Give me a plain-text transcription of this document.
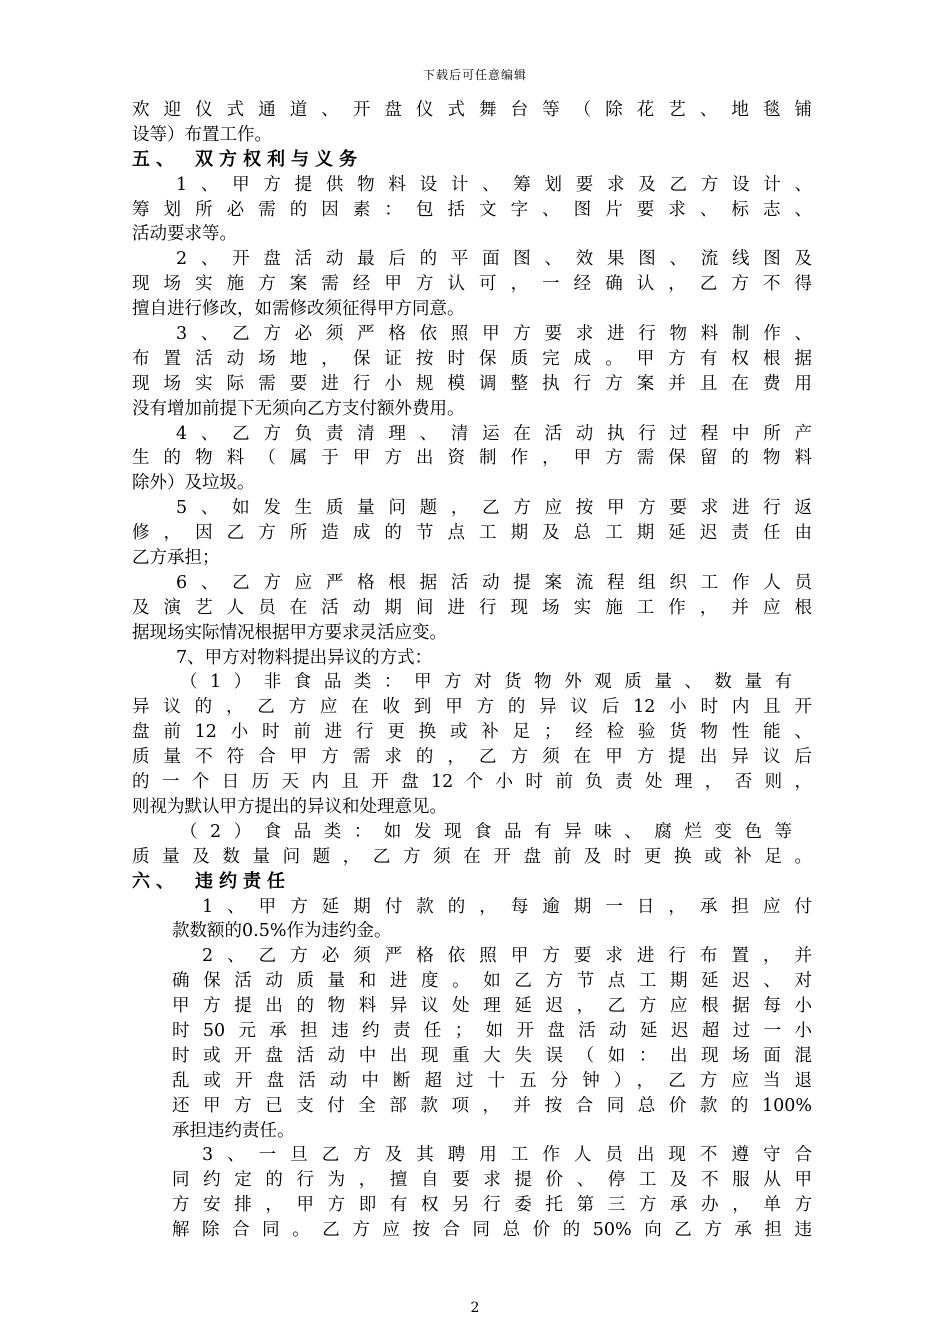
下载后可任意编辑
欢迎仪式通道、开盘仪式舞台等（除花艺、地毯铺
设等）布置工作。
五、　双方权利与义务
1、甲方提供物料设计、筹划要求及乙方设计、
筹划所必需的因素：包括文字、图片要求、标志、
活动要求等。
2、开盘活动最后的平面图、效果图、流线图及
现场实施方案需经甲方认可，一经确认，乙方不得
擅自进行修改，如需修改须征得甲方同意。
3、乙方必须严格依照甲方要求进行物料制作、
布置活动场地，保证按时保质完成。甲方有权根据
现场实际需要进行小规模调整执行方案并且在费用
没有增加前提下无须向乙方支付额外费用。
4、乙方负责清理、清运在活动执行过程中所产
生的物料（属于甲方出资制作，甲方需保留的物料
除外）及垃圾。
5、如发生质量问题，乙方应按甲方要求进行返
修，因乙方所造成的节点工期及总工期延迟责任由
乙方承担；
6、乙方应严格根据活动提案流程组织工作人员
及演艺人员在活动期间进行现场实施工作，并应根
据现场实际情况根据甲方要求灵活应变。
7、甲方对物料提出异议的方式：
（1）非食品类：甲方对货物外观质量、数量有
异议的，乙方应在收到甲方的异议后12小时内且开
盘前12小时前进行更换或补足；经检验货物性能、
质量不符合甲方需求的，乙方须在甲方提出异议后
的一个日历天内且开盘12个小时前负责处理，否则，
则视为默认甲方提出的异议和处理意见。
（2）食品类：如发现食品有异味、腐烂变色等
质量及数量问题，乙方须在开盘前及时更换或补足。
六、　违约责任
1、甲方延期付款的，每逾期一日，承担应付
款数额的0.5%作为违约金。
2、乙方必须严格依照甲方要求进行布置，并
确保活动质量和进度。如乙方节点工期延迟、对
甲方提出的物料异议处理延迟，乙方应根据每小
时50元承担违约责任；如开盘活动延迟超过一小
时或开盘活动中出现重大失误（如：出现场面混
乱或开盘活动中断超过十五分钟），乙方应当退
还甲方已支付全部款项，并按合同总价款的100%
承担违约责任。
3、一旦乙方及其聘用工作人员出现不遵守合
同约定的行为，擅自要求提价、停工及不服从甲
方安排，甲方即有权另行委托第三方承办，单方
解除合同。乙方应按合同总价的50%向乙方承担违
2
